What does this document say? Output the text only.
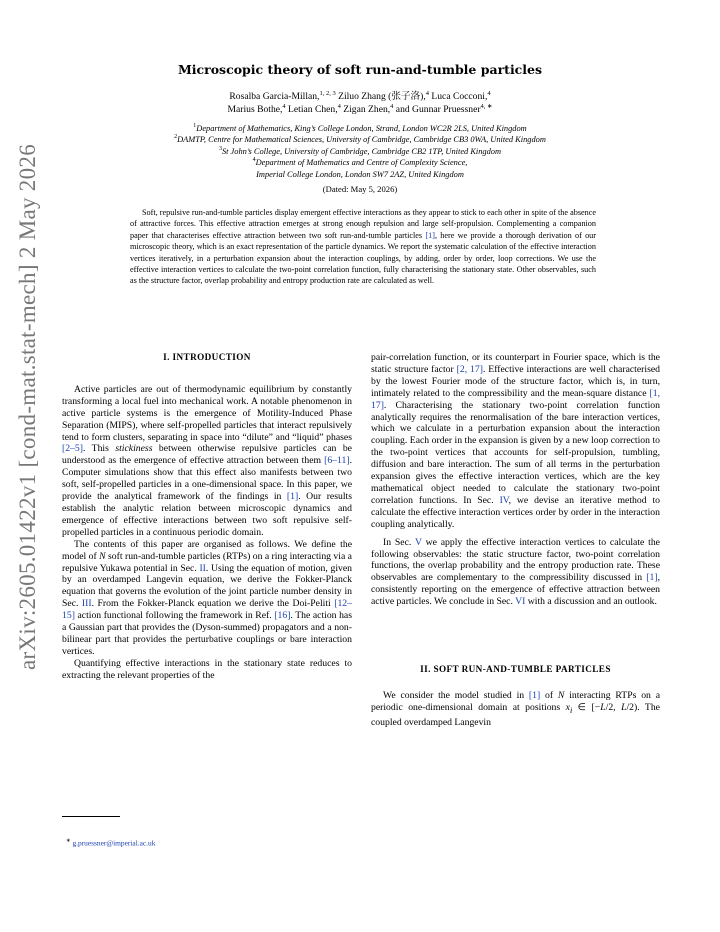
arXiv:2605.01422v1 [cond-mat.stat-mech] 2 May 2026
Microscopic theory of soft run-and-tumble particles
Rosalba Garcia-Millan,$^{1, 2, 3}$ Ziluo Zhang (张子洛),$^4$ Luca Cocconi,$^4$
Marius Bothe,$^4$ Letian Chen,$^4$ Zigan Zhen,$^4$ and Gunnar Pruessner$^{4, ∗}$
$^1$Department of Mathematics, King’s College London, Strand, London WC2R 2LS, United Kingdom
$^2$DAMTP, Centre for Mathematical Sciences, University of Cambridge, Cambridge CB3 0WA, United Kingdom
$^3$St John’s College, University of Cambridge, Cambridge CB2 1TP, United Kingdom
$^4$Department of Mathematics and Centre of Complexity Science,
Imperial College London, London SW7 2AZ, United Kingdom
(Dated: May 5, 2026)

Soft, repulsive run-and-tumble particles display emergent effective interactions as they appear to stick to each other in spite of the absence of attractive forces. This effective attraction emerges at strong enough repulsion and large self-propulsion. Complementing a companion paper that characterises effective attraction between two soft run-and-tumble particles [1], here we provide a thorough derivation of our microscopic theory, which is an exact representation of the particle dynamics. We report the systematic calculation of the effective interaction vertices iteratively, in a perturbation expansion about the interaction couplings, by adding, order by order, loop corrections. We use the effective interaction vertices to calculate the two-point correlation function, fully characterising the stationary state. Other observables, such as the structure factor, overlap probability and entropy production rate are calculated as well.

I. INTRODUCTION

Active particles are out of thermodynamic equilibrium by constantly transforming a local fuel into mechanical work. A notable phenomenon in active particle systems is the emergence of Motility-Induced Phase Separation (MIPS), where self-propelled particles that interact repulsively tend to form clusters, separating in space into “dilute” and “liquid” phases [2–5]. This stickiness between otherwise repulsive particles can be understood as the emergence of effective attraction between them [6–11]. Computer simulations show that this effect also manifests between two soft, self-propelled particles in a one-dimensional space. In this paper, we provide the analytical framework of the findings in [1]. Our results establish the analytic relation between microscopic dynamics and emergence of effective interactions between two soft repulsive self-propelled particles in a continuous periodic domain.

The contents of this paper are organised as follows. We define the model of N soft run-and-tumble particles (RTPs) on a ring interacting via a repulsive Yukawa potential in Sec. II. Using the equation of motion, given by an overdamped Langevin equation, we derive the Fokker-Planck equation that governs the evolution of the joint particle number density in Sec. III. From the Fokker-Planck equation we derive the Doi-Peliti [12–15] action functional following the framework in Ref. [16]. The action has a Gaussian part that provides the (Dyson-summed) propagators and a non-bilinear part that provides the perturbative couplings or bare interaction vertices.

Quantifying effective interactions in the stationary state reduces to extracting the relevant properties of the

pair-correlation function, or its counterpart in Fourier space, which is the static structure factor [2, 17]. Effective interactions are well characterised by the lowest Fourier mode of the structure factor, which is, in turn, intimately related to the compressibility and the mean-square distance [1, 17]. Characterising the stationary two-point correlation function analytically requires the renormalisation of the bare interaction vertices, which we calculate in a perturbation expansion about the interaction coupling. Each order in the expansion is given by a new loop correction to the two-point vertices that accounts for self-propulsion, tumbling, diffusion and bare interaction. The sum of all terms in the perturbation expansion gives the effective interaction vertices, which are the key mathematical object needed to calculate the stationary two-point correlation functions. In Sec. IV, we devise an iterative method to calculate the effective interaction vertices order by order in the interaction coupling analytically.

In Sec. V we apply the effective interaction vertices to calculate the following observables: the static structure factor, two-point correlation functions, the overlap probability and the entropy production rate. These observables are complementary to the compressibility discussed in [1], consistently reporting on the emergence of effective attraction between active particles. We conclude in Sec. VI with a discussion and an outlook.

II. SOFT RUN-AND-TUMBLE PARTICLES

We consider the model studied in [1] of N interacting RTPs on a periodic one-dimensional domain at positions $x_i$ ∈ [−L/2, L/2). The coupled overdamped Langevin

∗ g.pruessner@imperial.ac.uk
